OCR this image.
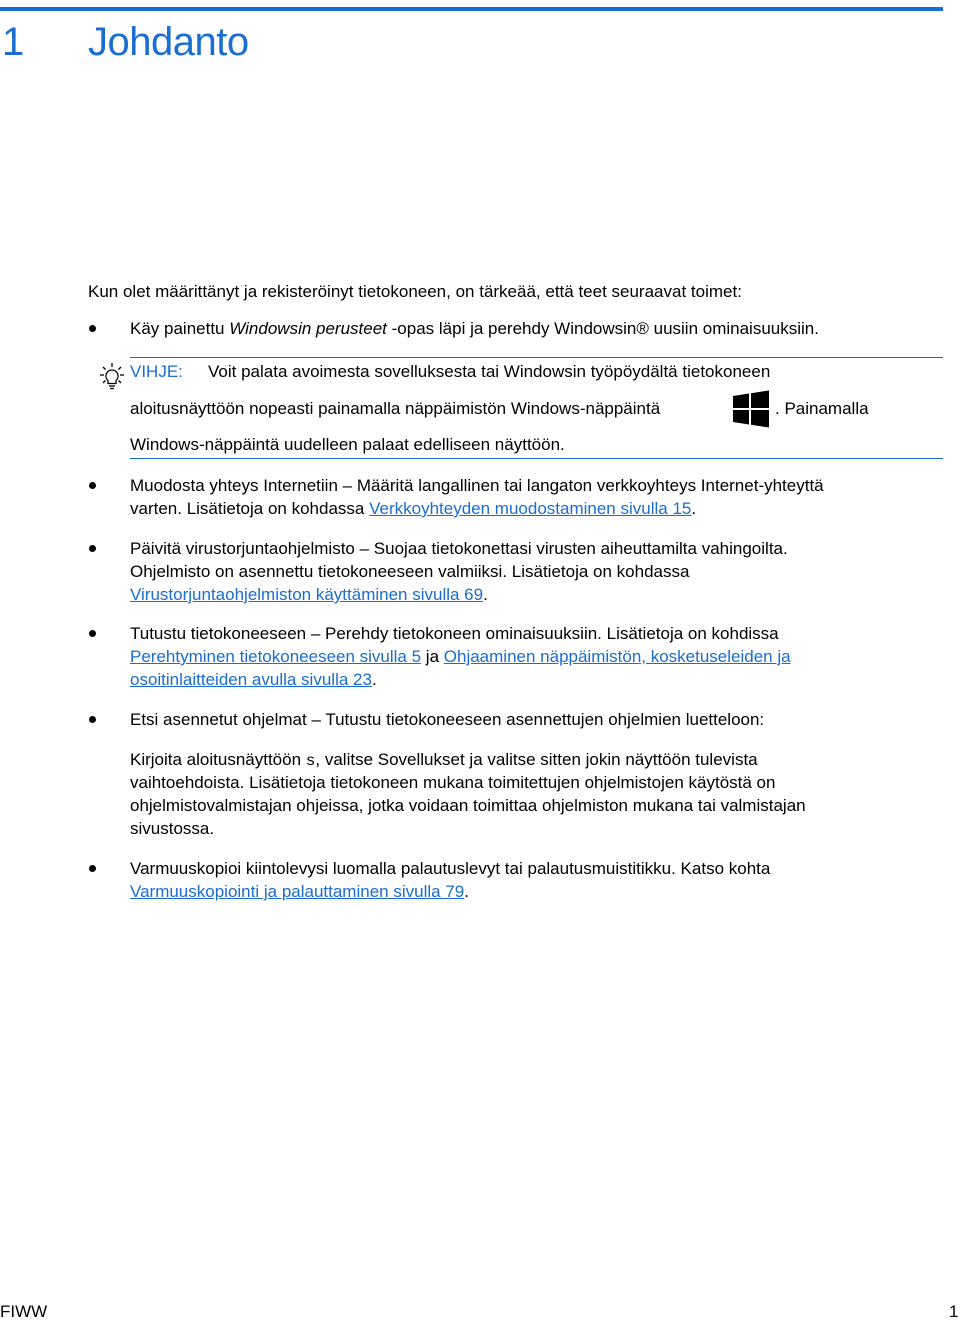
1 Johdanto
Kun olet määrittänyt ja rekisteröinyt tietokoneen, on tärkeää, että teet seuraavat toimet:
Käy painettu Windowsin perusteet -opas läpi ja perehdy Windowsin® uusiin ominaisuuksiin.
VIHJE: Voit palata avoimesta sovelluksesta tai Windowsin työpöydältä tietokoneen
aloitusnäyttöön nopeasti painamalla näppäimistön Windows-näppäintä	. Painamalla
Windows-näppäintä uudelleen palaat edelliseen näyttöön.
Muodosta yhteys Internetiin – Määritä langallinen tai langaton verkkoyhteys Internet-yhteyttä
varten. Lisätietoja on kohdassa Verkkoyhteyden muodostaminen sivulla 15.
Päivitä virustorjuntaohjelmisto – Suojaa tietokonettasi virusten aiheuttamilta vahingoilta.
Ohjelmisto on asennettu tietokoneeseen valmiiksi. Lisätietoja on kohdassa
Virustorjuntaohjelmiston käyttäminen sivulla 69.
Tutustu tietokoneeseen – Perehdy tietokoneen ominaisuuksiin. Lisätietoja on kohdissa
Perehtyminen tietokoneeseen sivulla 5 ja Ohjaaminen näppäimistön, kosketuseleiden ja
osoitinlaitteiden avulla sivulla 23.
Etsi asennetut ohjelmat – Tutustu tietokoneeseen asennettujen ohjelmien luetteloon:
Kirjoita aloitusnäyttöön s, valitse Sovellukset ja valitse sitten jokin näyttöön tulevista
vaihtoehdoista. Lisätietoja tietokoneen mukana toimitettujen ohjelmistojen käytöstä on
ohjelmistovalmistajan ohjeissa, jotka voidaan toimittaa ohjelmiston mukana tai valmistajan
sivustossa.
Varmuuskopioi kiintolevysi luomalla palautuslevyt tai palautusmuistitikku. Katso kohta
Varmuuskopiointi ja palauttaminen sivulla 79.
FIWW	1
